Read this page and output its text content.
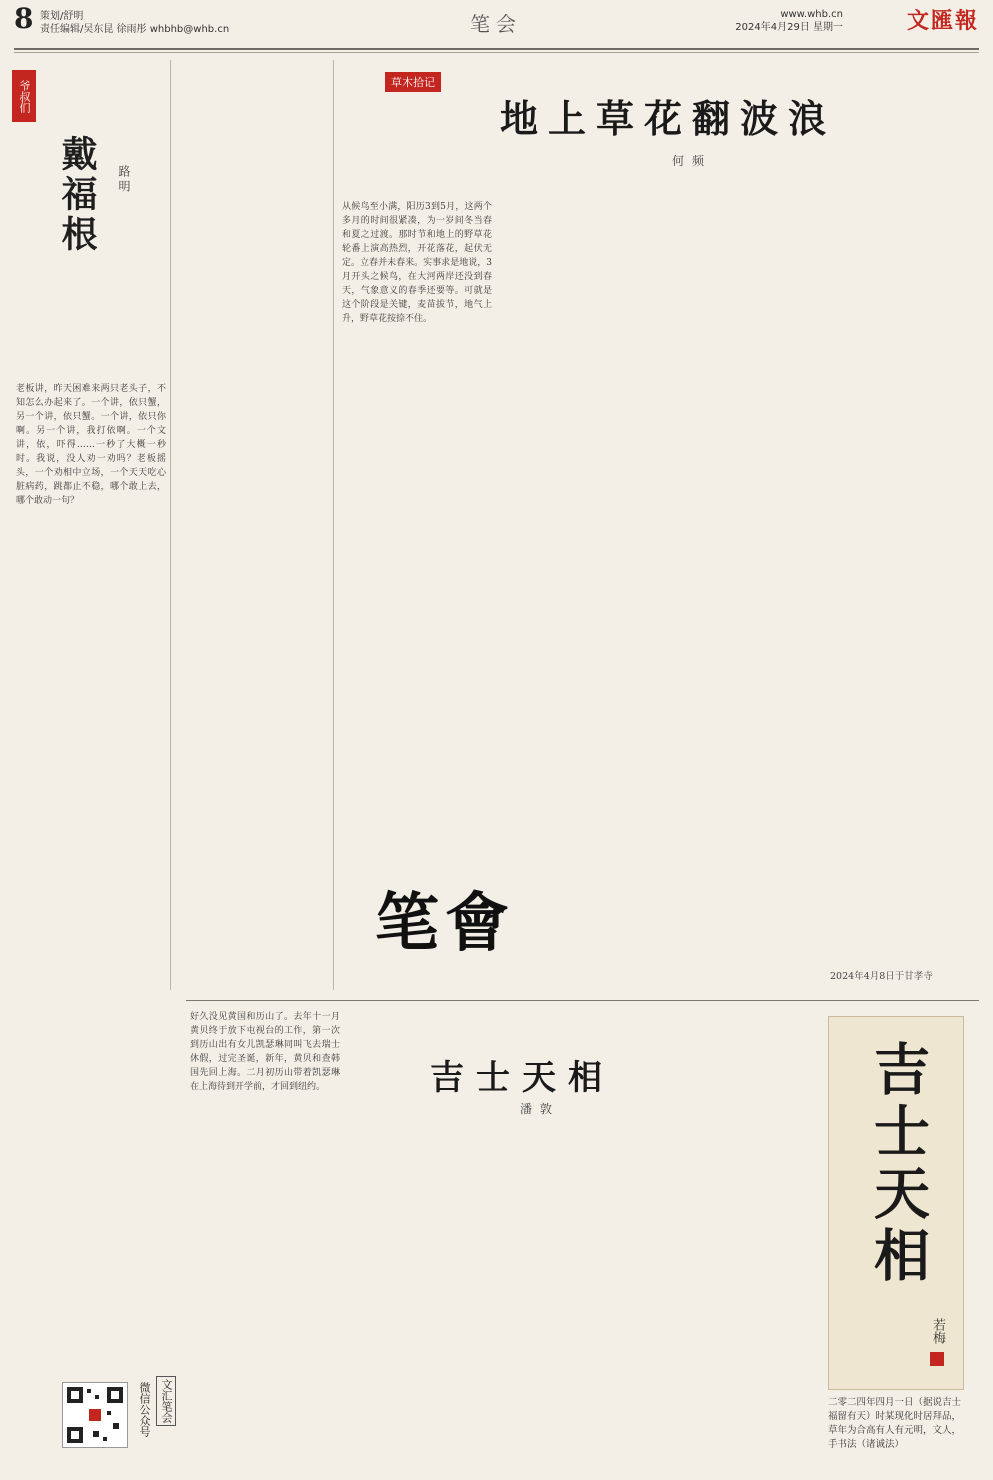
8 策划/舒明
责任编辑/吴东昆 徐雨彤 whbhb@whb.cn	笔会	www.whb.cn
2024年4月29日 星期一	文匯報
爷叔们
戴福根	路明
老板讲，昨天困难来两只老头子，不知怎么办起来了。一个讲，依只蟹，另一个讲，依只蟹。一个讲，依只你啊。另一个讲，我打依啊。一个文讲，依，吓得……一秒了大概一秒时。我说，没人劝一劝吗？老板摇头，一个劝相中立场，一个天天吃心脏病药，跳都止不稳，哪个敢上去，哪个敢动一句？
草木拾记
地上草花翻波浪
何频
从候鸟至小满，阳历3到5月，这两个多月的时间很紧凑，为一岁间冬当春和夏之过渡。那时节和地上的野草花轮番上演高热烈，开花落花，起伏无定。立春并未春来。实事求是地说，3月开头之候鸟，在大河两岸还没到春天，气象意义的春季还要等。可就是这个阶段是关键，麦苗拔节，地气上升，野草花按捺不住。
笔會
2024年4月8日于甘孝寺
吉士天相
潘敦
好久没见黄国和历山了。去年十一月黄贝终于放下屯视台的工作，第一次到历山出有女儿凯瑟琳同叫飞去瑞士休假，过完圣诞，新年，黄贝和查韩国先回上海。二月初历山带着凯瑟琳在上海待到开学前，才回到纽约。	吉士天相
若梅
二零二四年四月一日（据说吉士福留有天）时某现化时居拜品，草年为合高有人有元明，文人，手书法（诸诚法）
文汇笔会
微信公众号
